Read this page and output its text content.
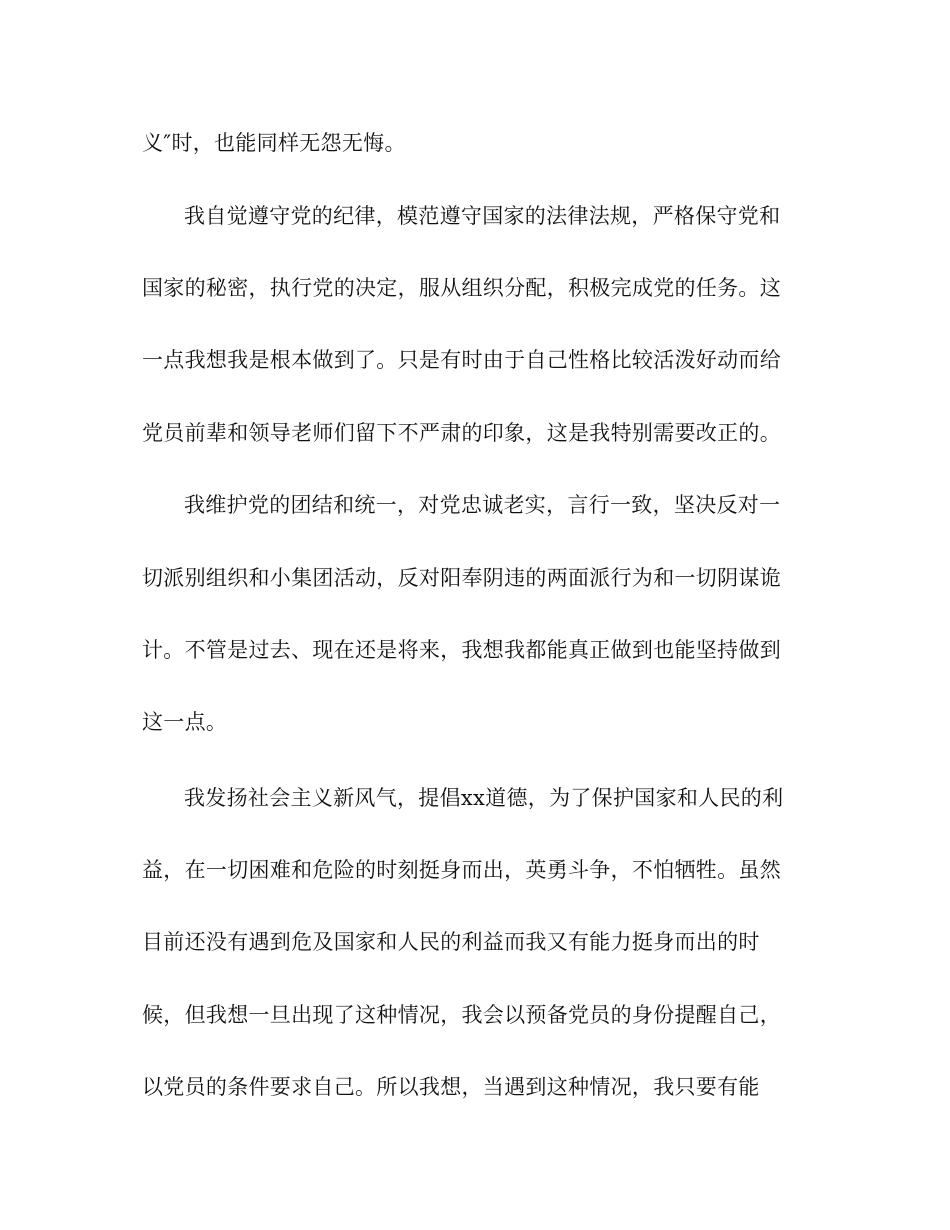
义″时，也能同样无怨无悔。
我自觉遵守党的纪律，模范遵守国家的法律法规，严格保守党和
国家的秘密，执行党的决定，服从组织分配，积极完成党的任务。这
一点我想我是根本做到了。只是有时由于自己性格比较活泼好动而给
党员前辈和领导老师们留下不严肃的印象，这是我特别需要改正的。
我维护党的团结和统一，对党忠诚老实，言行一致，坚决反对一
切派别组织和小集团活动，反对阳奉阴违的两面派行为和一切阴谋诡
计。不管是过去、现在还是将来，我想我都能真正做到也能坚持做到
这一点。
我发扬社会主义新风气，提倡xx道德，为了保护国家和人民的利
益，在一切困难和危险的时刻挺身而出，英勇斗争，不怕牺牲。虽然
目前还没有遇到危及国家和人民的利益而我又有能力挺身而出的时
候，但我想一旦出现了这种情况，我会以预备党员的身份提醒自己，
以党员的条件要求自己。所以我想，当遇到这种情况，我只要有能
